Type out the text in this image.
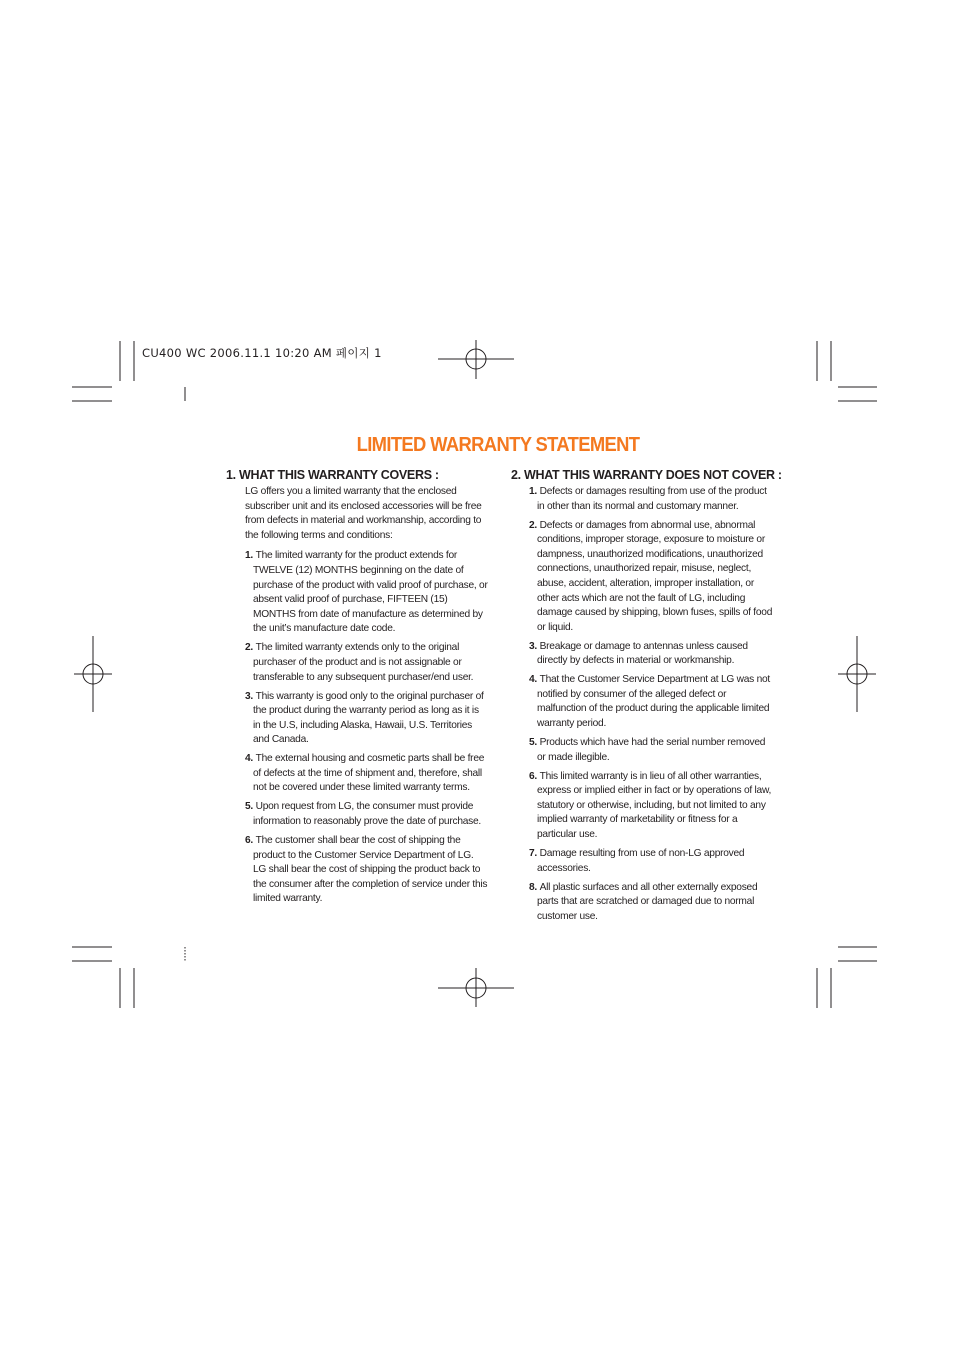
CU400 WC 2006.11.1 10:20 AM 페이지 1
LIMITED WARRANTY STATEMENT
1. WHAT THIS WARRANTY COVERS :

LG offers you a limited warranty that the enclosed subscriber unit and its enclosed accessories will be free from defects in material and workmanship, according to the following terms and conditions:

1. The limited warranty for the product extends for TWELVE (12) MONTHS beginning on the date of purchase of the product with valid proof of purchase, or absent valid proof of purchase, FIFTEEN (15) MONTHS from date of manufacture as determined by the unit’s manufacture date code.
2. The limited warranty extends only to the original purchaser of the product and is not assignable or transferable to any subsequent purchaser/end user.
3. This warranty is good only to the original purchaser of the product during the warranty period as long as it is in the U.S, including Alaska, Hawaii, U.S. Territories and Canada.
4. The external housing and cosmetic parts shall be free of defects at the time of shipment and, therefore, shall not be covered under these limited warranty terms.
5. Upon request from LG, the consumer must provide information to reasonably prove the date of purchase.
6. The customer shall bear the cost of shipping the product to the Customer Service Department of LG. LG shall bear the cost of shipping the product back to the consumer after the completion of service under this limited warranty.
2. WHAT THIS WARRANTY DOES NOT COVER :
1. Defects or damages resulting from use of the product in other than its normal and customary manner.
2. Defects or damages from abnormal use, abnormal conditions, improper storage, exposure to moisture or dampness, unauthorized modifications, unauthorized connections, unauthorized repair, misuse, neglect, abuse, accident, alteration, improper installation, or other acts which are not the fault of LG, including damage caused by shipping, blown fuses, spills of food or liquid.
3. Breakage or damage to antennas unless caused directly by defects in material or workmanship.
4. That the Customer Service Department at LG was not notified by consumer of the alleged defect or malfunction of the product during the applicable limited warranty period.
5. Products which have had the serial number removed or made illegible.
6. This limited warranty is in lieu of all other warranties, express or implied either in fact or by operations of law, statutory or otherwise, including, but not limited to any implied warranty of marketability or fitness for a particular use.
7. Damage resulting from use of non-LG approved accessories.
8. All plastic surfaces and all other externally exposed parts that are scratched or damaged due to normal customer use.
